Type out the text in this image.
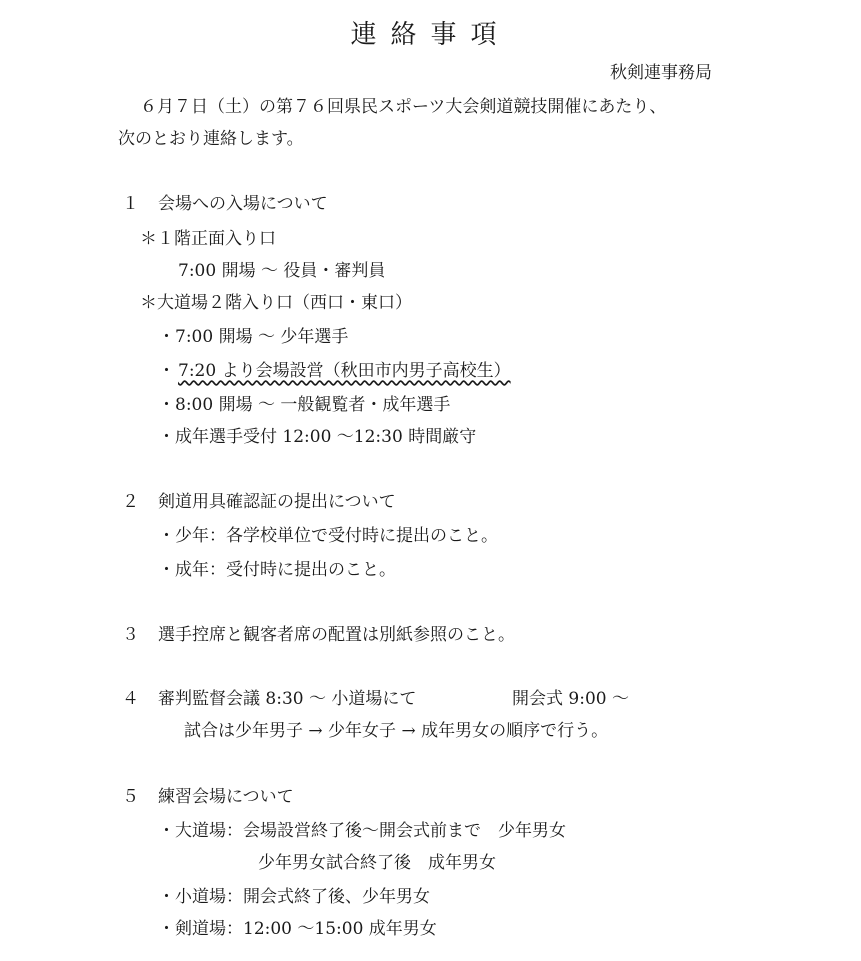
連絡事項
秋剣連事務局
６月７日（土）の第７６回県民スポーツ大会剣道競技開催にあたり、
次のとおり連絡します。
１ 会場への入場について
＊１階正面入り口
7:00 開場 ～ 役員・審判員
＊大道場２階入り口（西口・東口）
・7:00 開場 ～ 少年選手
・ 7:20 より会場設営（秋田市内男子高校生）
・8:00 開場 ～ 一般観覧者・成年選手
・成年選手受付 12:00 ～12:30 時間厳守
２ 剣道用具確認証の提出について
・少年：各学校単位で受付時に提出のこと。
・成年：受付時に提出のこと。
３ 選手控席と観客者席の配置は別紙参照のこと。
４ 審判監督会議 8:30 ～ 小道場にて	開会式 9:00 ～
試合は少年男子 → 少年女子 → 成年男女の順序で行う。
５ 練習会場について
・大道場：会場設営終了後～開会式前まで　少年男女
少年男女試合終了後　成年男女
・小道場：開会式終了後、少年男女
・剣道場：12:00 ～15:00 成年男女
